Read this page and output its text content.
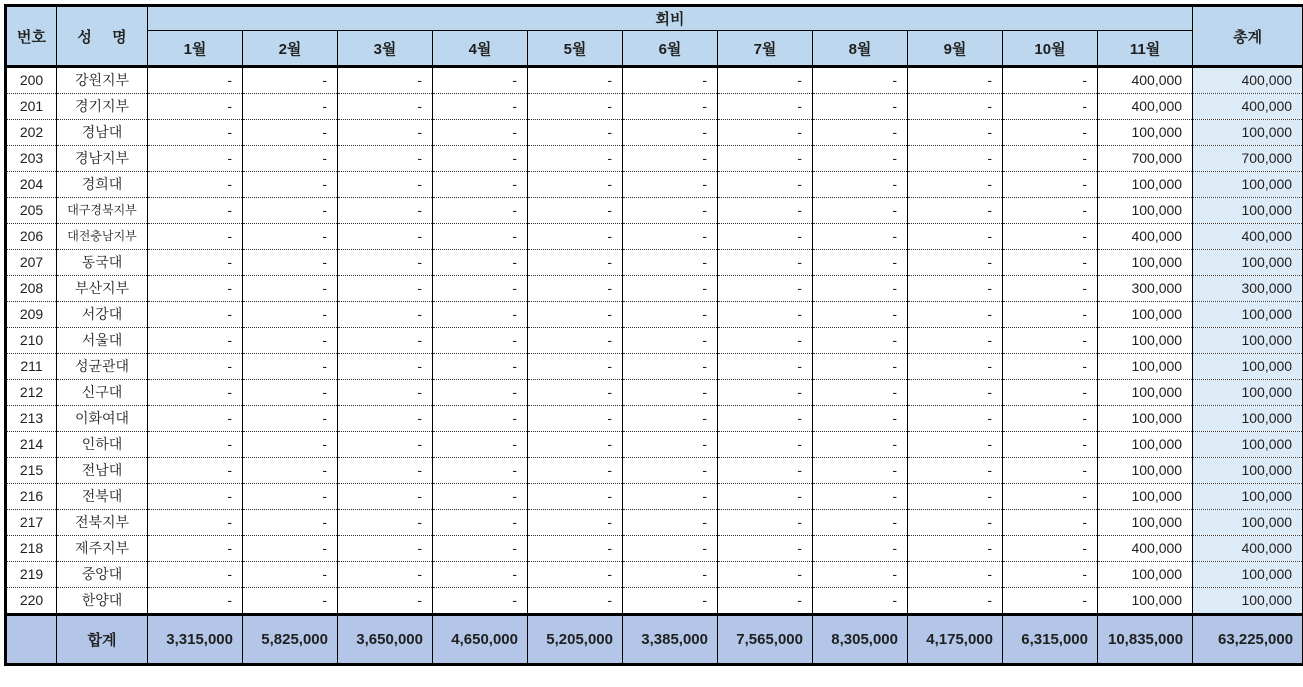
번호	성 명	회비											총계
		1월	2월	3월	4월	5월	6월	7월	8월	9월	10월	11월	
200	강원지부	-	-	-	-	-	-	-	-	-	-	400,000	400,000
201	경기지부	-	-	-	-	-	-	-	-	-	-	400,000	400,000
202	경남대	-	-	-	-	-	-	-	-	-	-	100,000	100,000
203	경남지부	-	-	-	-	-	-	-	-	-	-	700,000	700,000
204	경희대	-	-	-	-	-	-	-	-	-	-	100,000	100,000
205	대구경북지부	-	-	-	-	-	-	-	-	-	-	100,000	100,000
206	대전충남지부	-	-	-	-	-	-	-	-	-	-	400,000	400,000
207	동국대	-	-	-	-	-	-	-	-	-	-	100,000	100,000
208	부산지부	-	-	-	-	-	-	-	-	-	-	300,000	300,000
209	서강대	-	-	-	-	-	-	-	-	-	-	100,000	100,000
210	서울대	-	-	-	-	-	-	-	-	-	-	100,000	100,000
211	성균관대	-	-	-	-	-	-	-	-	-	-	100,000	100,000
212	신구대	-	-	-	-	-	-	-	-	-	-	100,000	100,000
213	이화여대	-	-	-	-	-	-	-	-	-	-	100,000	100,000
214	인하대	-	-	-	-	-	-	-	-	-	-	100,000	100,000
215	전남대	-	-	-	-	-	-	-	-	-	-	100,000	100,000
216	전북대	-	-	-	-	-	-	-	-	-	-	100,000	100,000
217	전북지부	-	-	-	-	-	-	-	-	-	-	100,000	100,000
218	제주지부	-	-	-	-	-	-	-	-	-	-	400,000	400,000
219	중앙대	-	-	-	-	-	-	-	-	-	-	100,000	100,000
220	한양대	-	-	-	-	-	-	-	-	-	-	100,000	100,000
	합계	3,315,000	5,825,000	3,650,000	4,650,000	5,205,000	3,385,000	7,565,000	8,305,000	4,175,000	6,315,000	10,835,000	63,225,000
